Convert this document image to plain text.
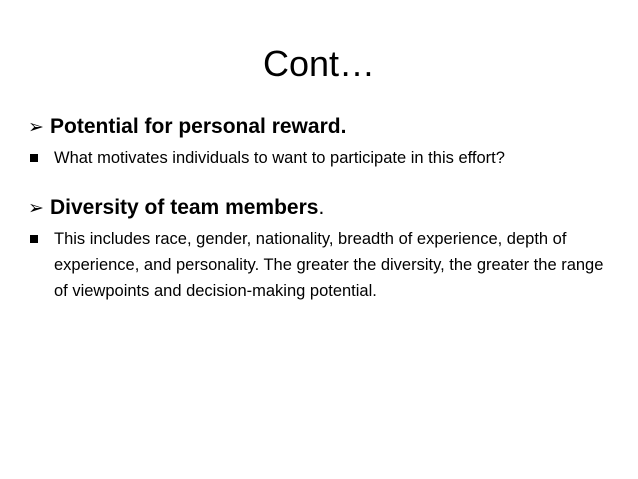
Cont…
➢ Potential for personal reward.
What motivates individuals to want to participate in this effort?
➢ Diversity of team members .
This includes race, gender, nationality, breadth of experience, depth of experience, and personality. The greater the diversity, the greater the range of viewpoints and decision-making potential.
